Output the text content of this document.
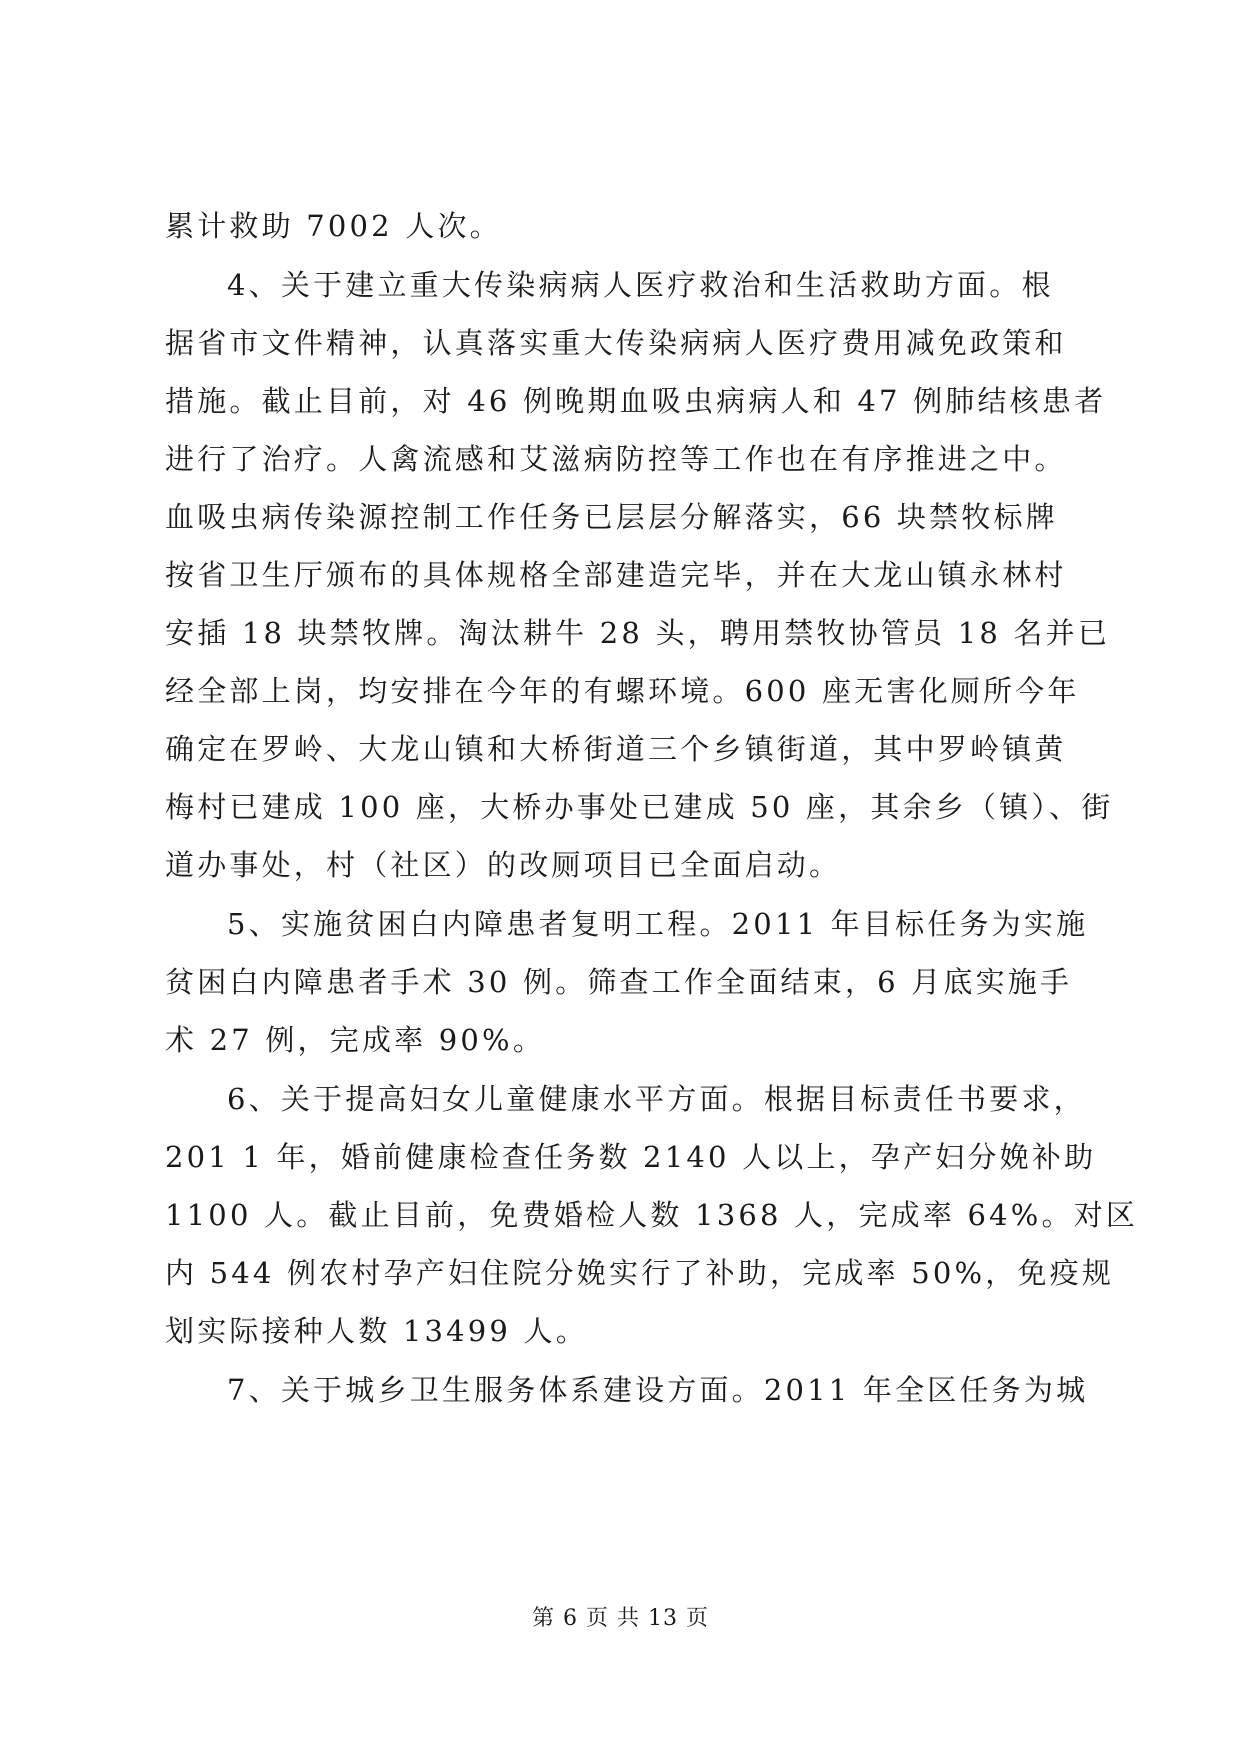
累计救助 7002 人次。
4、关于建立重大传染病病人医疗救治和生活救助方面。根
据省市文件精神，认真落实重大传染病病人医疗费用减免政策和
措施。截止目前，对 46 例晚期血吸虫病病人和 47 例肺结核患者
进行了治疗。人禽流感和艾滋病防控等工作也在有序推进之中。
血吸虫病传染源控制工作任务已层层分解落实，66 块禁牧标牌
按省卫生厅颁布的具体规格全部建造完毕，并在大龙山镇永林村
安插 18 块禁牧牌。淘汰耕牛 28 头，聘用禁牧协管员 18 名并已
经全部上岗，均安排在今年的有螺环境。600 座无害化厕所今年
确定在罗岭、大龙山镇和大桥街道三个乡镇街道，其中罗岭镇黄
梅村已建成 100 座，大桥办事处已建成 50 座，其余乡（镇）、街
道办事处，村（社区）的改厕项目已全面启动。
5、实施贫困白内障患者复明工程。2011 年目标任务为实施
贫困白内障患者手术 30 例。筛查工作全面结束，6 月底实施手
术 27 例，完成率 90%。
6、关于提高妇女儿童健康水平方面。根据目标责任书要求，
201 1 年，婚前健康检查任务数 2140 人以上，孕产妇分娩补助
1100 人。截止目前，免费婚检人数 1368 人，完成率 64%。对区
内 544 例农村孕产妇住院分娩实行了补助，完成率 50%，免疫规
划实际接种人数 13499 人。
7、关于城乡卫生服务体系建设方面。2011 年全区任务为城
第 6 页 共 13 页
